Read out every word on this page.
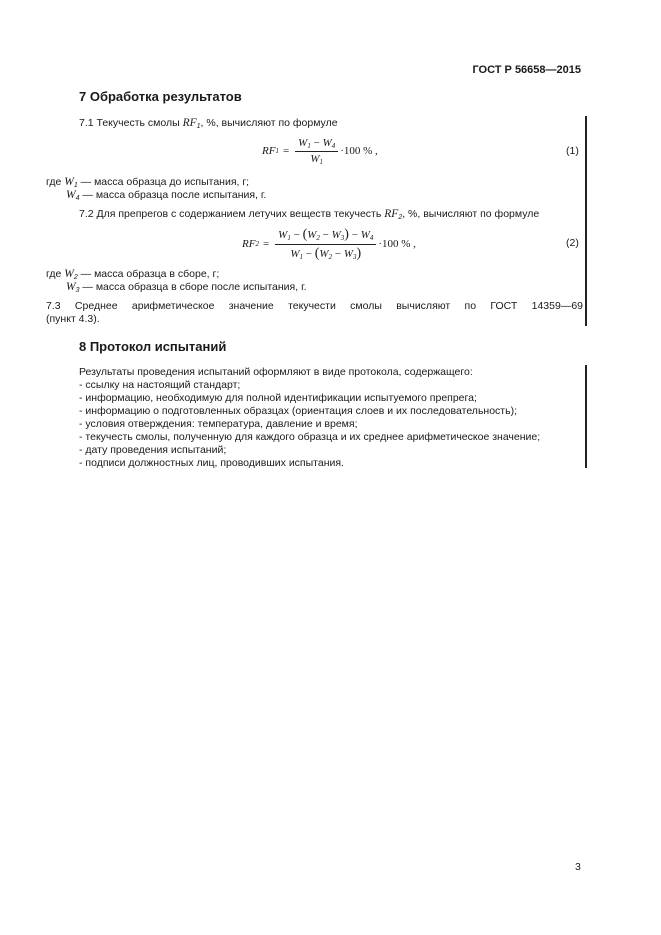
ГОСТ Р 56658—2015
7 Обработка результатов
7.1 Текучесть смолы $RF_1$, %, вычисляют по формуле
RF $1 = \frac{W_1 - W_4}{W_1} \cdot 100$ % ,	(1)
где $W_1$ — масса образца до испытания, г;
$W_4$ — масса образца после испытания, г.
7.2 Для препрегов с содержанием летучих веществ текучесть $RF_2$, %, вычисляют по формуле
RF $2 = \frac{W_1 - (W_2 - W_3) - W_4}{W_1 - (W_2 - W_3)} \cdot 100$ % ,	(2)
где $W_2$ — масса образца в сборе, г;
$W_3$ — масса образца в сборе после испытания, г.
7.3 Среднее арифметическое значение текучести смолы вычисляют по ГОСТ 14359—69
(пункт 4.3).
8 Протокол испытаний
Результаты проведения испытаний оформляют в виде протокола, содержащего:
- ссылку на настоящий стандарт;
- информацию, необходимую для полной идентификации испытуемого препрега;
- информацию о подготовленных образцах (ориентация слоев и их последовательность);
- условия отверждения: температура, давление и время;
- текучесть смолы, полученную для каждого образца и их среднее арифметическое значение;
- дату проведения испытаний;
- подписи должностных лиц, проводивших испытания.
3
